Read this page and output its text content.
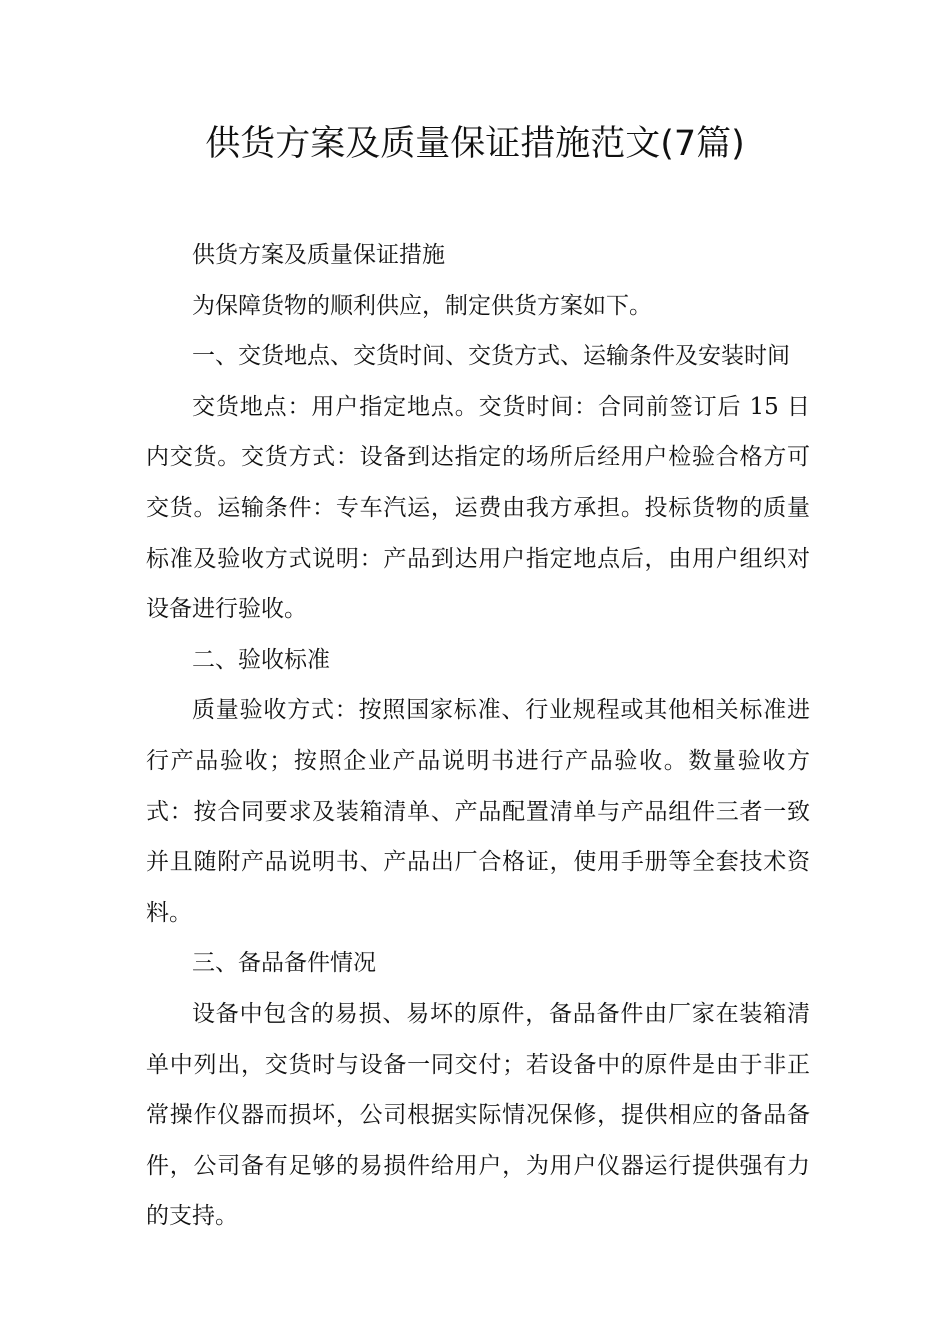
供货方案及质量保证措施范文(7篇)

供货方案及质量保证措施

为保障货物的顺利供应，制定供货方案如下。

一、交货地点、交货时间、交货方式、运输条件及安装时间

交货地点：用户指定地点。交货时间：合同前签订后 15 日内交货。交货方式：设备到达指定的场所后经用户检验合格方可交货。运输条件：专车汽运，运费由我方承担。投标货物的质量标准及验收方式说明：产品到达用户指定地点后，由用户组织对设备进行验收。

二、验收标准

质量验收方式：按照国家标准、行业规程或其他相关标准进行产品验收；按照企业产品说明书进行产品验收。数量验收方式：按合同要求及装箱清单、产品配置清单与产品组件三者一致并且随附产品说明书、产品出厂合格证，使用手册等全套技术资料。

三、备品备件情况

设备中包含的易损、易坏的原件，备品备件由厂家在装箱清单中列出，交货时与设备一同交付；若设备中的原件是由于非正常操作仪器而损坏，公司根据实际情况保修，提供相应的备品备件，公司备有足够的易损件给用户，为用户仪器运行提供强有力的支持。
